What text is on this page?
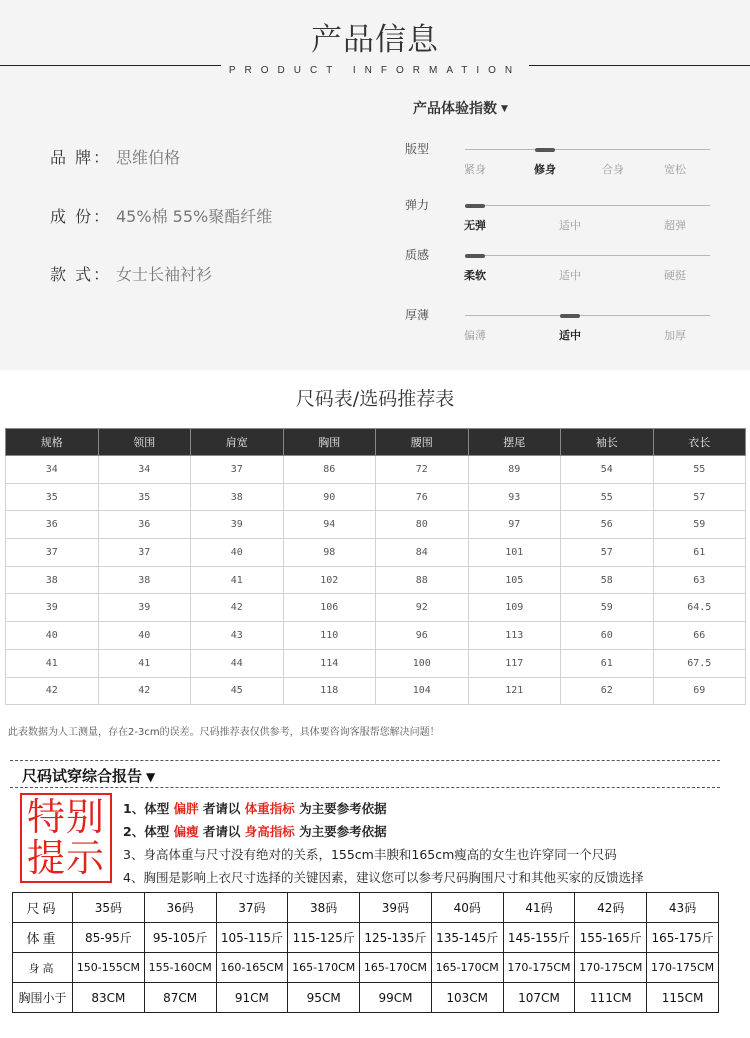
产品信息
PRODUCT INFORMATION
品 牌： 思维伯格
成 份： 45%棉 55%聚酯纤维
款 式： 女士长袖衬衫
产品体验指数 ▼
版型
紧身	修身	合身	宽松
弹力
无弹	适中	超弹
质感
柔软	适中	硬挺
厚薄
偏薄	适中	加厚
尺码表/选码推荐表
规格	领围	肩宽	胸围	腰围	摆尾	袖长	衣长
34	34	37	86	72	89	54	55
35	35	38	90	76	93	55	57
36	36	39	94	80	97	56	59
37	37	40	98	84	101	57	61
38	38	41	102	88	105	58	63
39	39	42	106	92	109	59	64.5
40	40	43	110	96	113	60	66
41	41	44	114	100	117	61	67.5
42	42	45	118	104	121	62	69
此表数据为人工测量，存在2-3cm的误差。尺码推荐表仅供参考，具体要咨询客服帮您解决问题！
尺码试穿综合报告 ▼
特别
提示
1、体型 偏胖 者请以 体重指标 为主要参考依据
2、体型 偏瘦 者请以 身高指标 为主要参考依据
3、身高体重与尺寸没有绝对的关系，155cm丰腴和165cm瘦高的女生也许穿同一个尺码
4、胸围是影响上衣尺寸选择的关键因素，建议您可以参考尺码胸围尺寸和其他买家的反馈选择
尺码	35码	36码	37码	38码	39码	40码	41码	42码	43码
体重	85-95斤	95-105斤	105-115斤	115-125斤	125-135斤	135-145斤	145-155斤	155-165斤	165-175斤
身高	150-155CM	155-160CM	160-165CM	165-170CM	165-170CM	165-170CM	170-175CM	170-175CM	170-175CM
胸围小于	83CM	87CM	91CM	95CM	99CM	103CM	107CM	111CM	115CM
